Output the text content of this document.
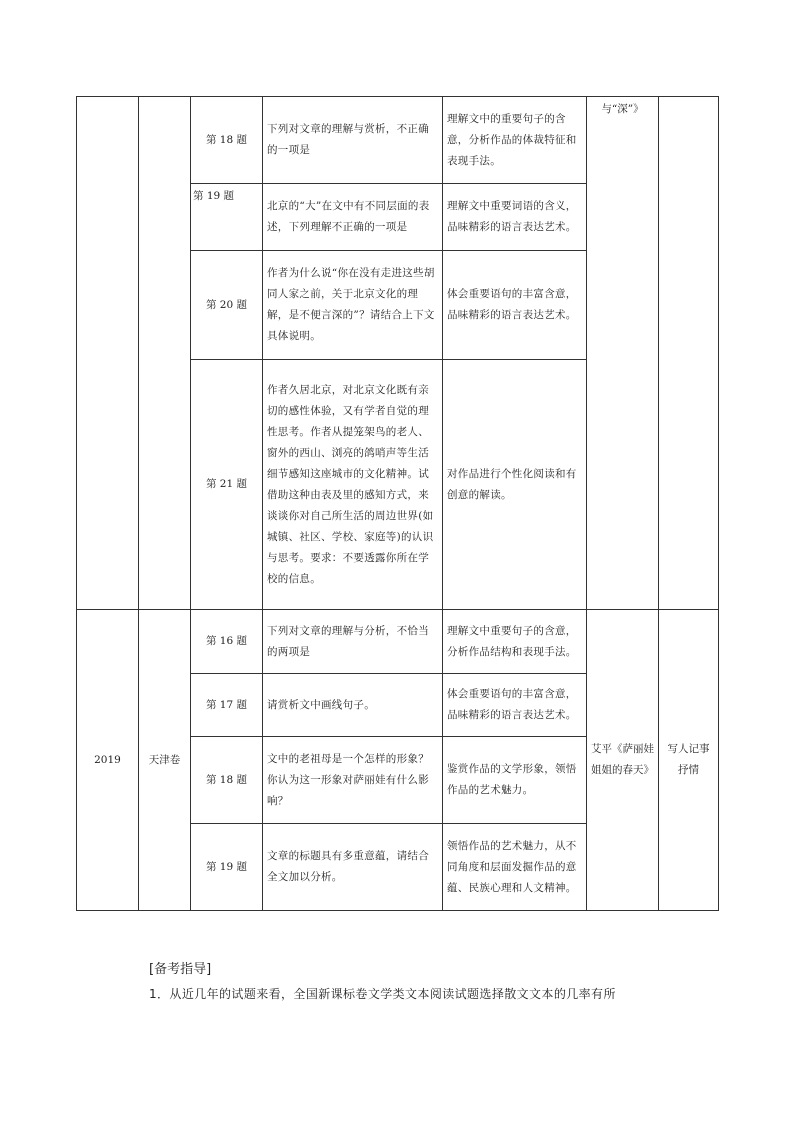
		第 18 题	下列对文章的理解与赏析，不正确的一项是	理解文中的重要句子的含意，分析作品的体裁特征和表现手法。	与“深”》	
		第 19 题	北京的“大”在文中有不同层面的表述，下列理解不正确的一项是	理解文中重要词语的含义，品味精彩的语言表达艺术。		
		第 20 题	作者为什么说“你在没有走进这些胡同人家之前，关于北京文化的理解，是不便言深的”？请结合上下文具体说明。	体会重要语句的丰富含意，品味精彩的语言表达艺术。		
		第 21 题	作者久居北京，对北京文化既有亲切的感性体验，又有学者自觉的理性思考。作者从提笼架鸟的老人、窗外的西山、浏亮的鸽哨声等生活细节感知这座城市的文化精神。试借助这种由表及里的感知方式，来谈谈你对自己所生活的周边世界(如城镇、社区、学校、家庭等)的认识与思考。要求：不要透露你所在学校的信息。	对作品进行个性化阅读和有创意的解读。		
2019	天津卷	第 16 题	下列对文章的理解与分析，不恰当的两项是	理解文中重要句子的含意，分析作品结构和表现手法。	艾平《萨丽娃姐姐的春天》	写人记事抒情
		第 17 题	请赏析文中画线句子。	体会重要语句的丰富含意，品味精彩的语言表达艺术。		
		第 18 题	文中的老祖母是一个怎样的形象？你认为这一形象对萨丽娃有什么影响？	鉴赏作品的文学形象，领悟作品的艺术魅力。		
		第 19 题	文章的标题具有多重意蕴，请结合全文加以分析。	领悟作品的艺术魅力，从不同角度和层面发掘作品的意蕴、民族心理和人文精神。		
[备考指导]
1．从近几年的试题来看，全国新课标卷文学类文本阅读试题选择散文文本的几率有所
